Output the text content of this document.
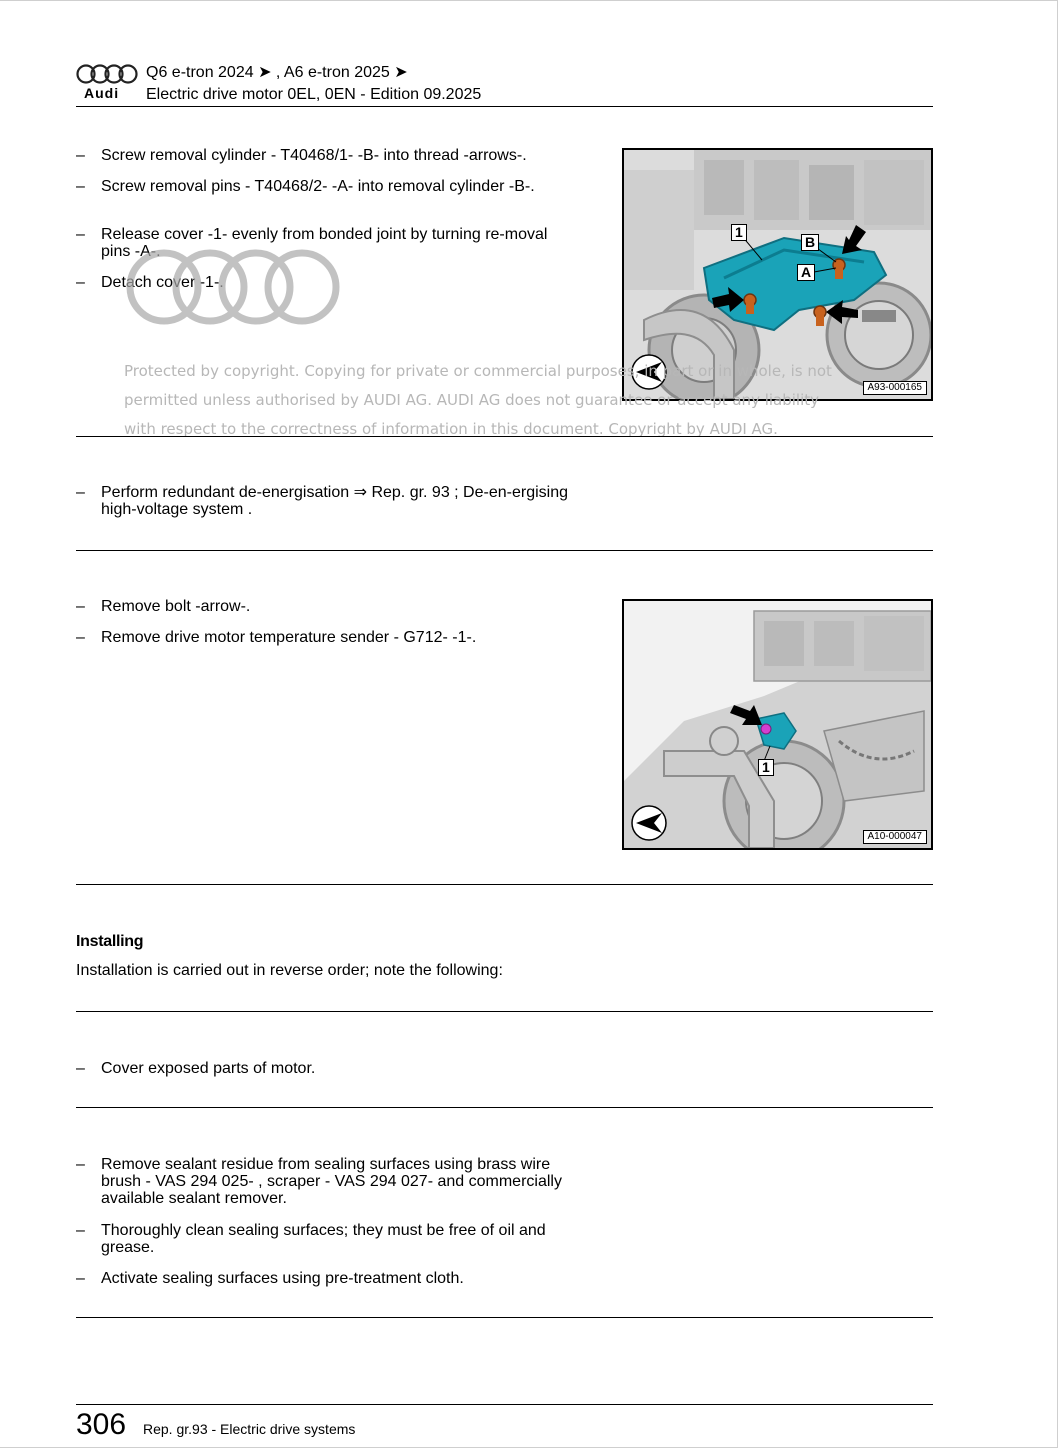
Audi
Q6 e-tron 2024 ➤ , A6 e-tron 2025 ➤
Electric drive motor 0EL, 0EN - Edition 09.2025
– Screw removal cylinder - T40468/1- -B- into thread -arrows-.
– Screw removal pins - T40468/2- -A- into removal cylinder -B-.
– Release cover -1- evenly from bonded joint by turning re-moval pins -A-.
– Detach cover -1-.
1
B
A
A93-000165
Protected by copyright. Copying for private or commercial purposes, in part or in whole, is not
permitted unless authorised by AUDI AG. AUDI AG does not guarantee or accept any liability
with respect to the correctness of information in this document. Copyright by AUDI AG.
– Perform redundant de-energisation ⇒ Rep. gr. 93 ; De-en-ergising high-voltage system .
– Remove bolt -arrow-.
– Remove drive motor temperature sender - G712- -1-.
1
A10-000047
Installing
Installation is carried out in reverse order; note the following:
– Cover exposed parts of motor.
– Remove sealant residue from sealing surfaces using brass wire brush - VAS 294 025- , scraper - VAS 294 027- and commercially available sealant remover.
– Thoroughly clean sealing surfaces; they must be free of oil and grease.
– Activate sealing surfaces using pre-treatment cloth.
306 Rep. gr.93 - Electric drive systems
